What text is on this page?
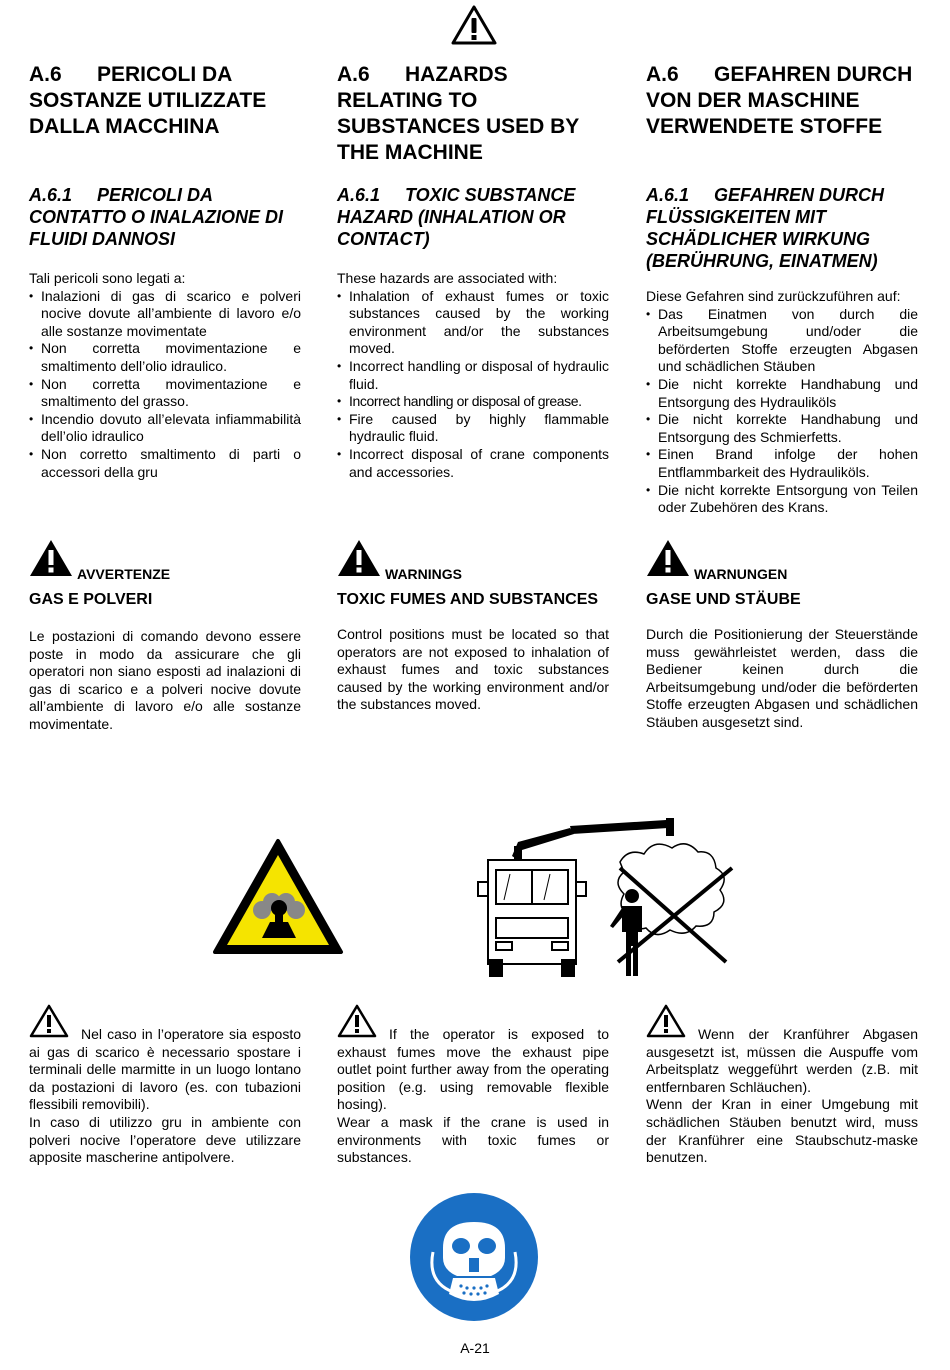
A.6 PERICOLI DA SOSTANZE UTILIZZATE DALLA MACCHINA

A.6 HAZARDS RELATING TO SUBSTANCES USED BY THE MACHINE

A.6 GEFAHREN DURCH VON DER MASCHINE VERWENDETE STOFFE

A.6.1 PERICOLI DA CONTATTO O INALAZIONE DI FLUIDI DANNOSI

A.6.1 TOXIC SUBSTANCE HAZARD (INHALATION OR CONTACT)

A.6.1 GEFAHREN DURCH FLÜSSIGKEITEN MIT SCHÄDLICHER WIRKUNG (BERÜHRUNG, EINATMEN)

Tali pericoli sono legati a:

• Inalazioni di gas di scarico e polveri nocive dovute all’ambiente di lavoro e/o alle sostanze movimentate
• Non corretta movimentazione e smaltimento dell’olio idraulico.
• Non corretta movimentazione e smaltimento del grasso.
• Incendio dovuto all’elevata infiammabilità dell’olio idraulico
• Non corretto smaltimento di parti o accessori della gru

These hazards are associated with:

• Inhalation of exhaust fumes or toxic substances caused by the working environment and/or the substances moved.
• Incorrect handling or disposal of hydraulic fluid.
• Incorrect handling or disposal of grease.
• Fire caused by highly flammable hydraulic fluid.
• Incorrect disposal of crane components and accessories.

Diese Gefahren sind zurückzuführen auf:

• Das Einatmen von durch die Arbeitsumgebung und/oder die beförderten Stoffe erzeugten Abgasen und schädlichen Stäuben
• Die nicht korrekte Handhabung und Entsorgung des Hydrauliköls
• Die nicht korrekte Handhabung und Entsorgung des Schmierfetts.
• Einen Brand infolge der hohen Entflammbarkeit des Hydrauliköls.
• Die nicht korrekte Entsorgung von Teilen oder Zubehören des Krans.
AVVERTENZE

GAS E POLVERI

Le postazioni di comando devono essere poste in modo da assicurare che gli operatori non siano esposti ad inalazioni di gas di scarico e a polveri nocive dovute all’ambiente di lavoro e/o alle sostanze movimentate.

WARNINGS

TOXIC FUMES AND SUBSTANCES

Control positions must be located so that operators are not exposed to inhalation of exhaust fumes and toxic substances caused by the working environment and/or the substances moved.

WARNUNGEN

GASE UND STÄUBE

Durch die Positionierung der Steuerstände muss gewährleistet werden, dass die Bediener keinen durch die Arbeitsumgebung und/oder die beförderten Stoffe erzeugten Abgasen und schädlichen Stäuben ausgesetzt sind.

Nel caso in l’operatore sia esposto ai gas di scarico è necessario spostare i terminali delle marmitte in un luogo lontano da postazioni di lavoro (es. con tubazioni flessibili removibili).
In caso di utilizzo gru in ambiente con polveri nocive l’operatore deve utilizzare apposite mascherine antipolvere.

If the operator is exposed to exhaust fumes move the exhaust pipe outlet point further away from the operating position (e.g. using removable flexible hosing).
Wear a mask if the crane is used in environments with toxic fumes or substances.

Wenn der Kranführer Abgasen ausgesetzt ist, müssen die Auspuffe vom Arbeitsplatz weggeführt werden (z.B. mit entfernbaren Schläuchen).
Wenn der Kran in einer Umgebung mit schädlichen Stäuben benutzt wird, muss der Kranführer eine Staubschutz-maske benutzen.

A-21
